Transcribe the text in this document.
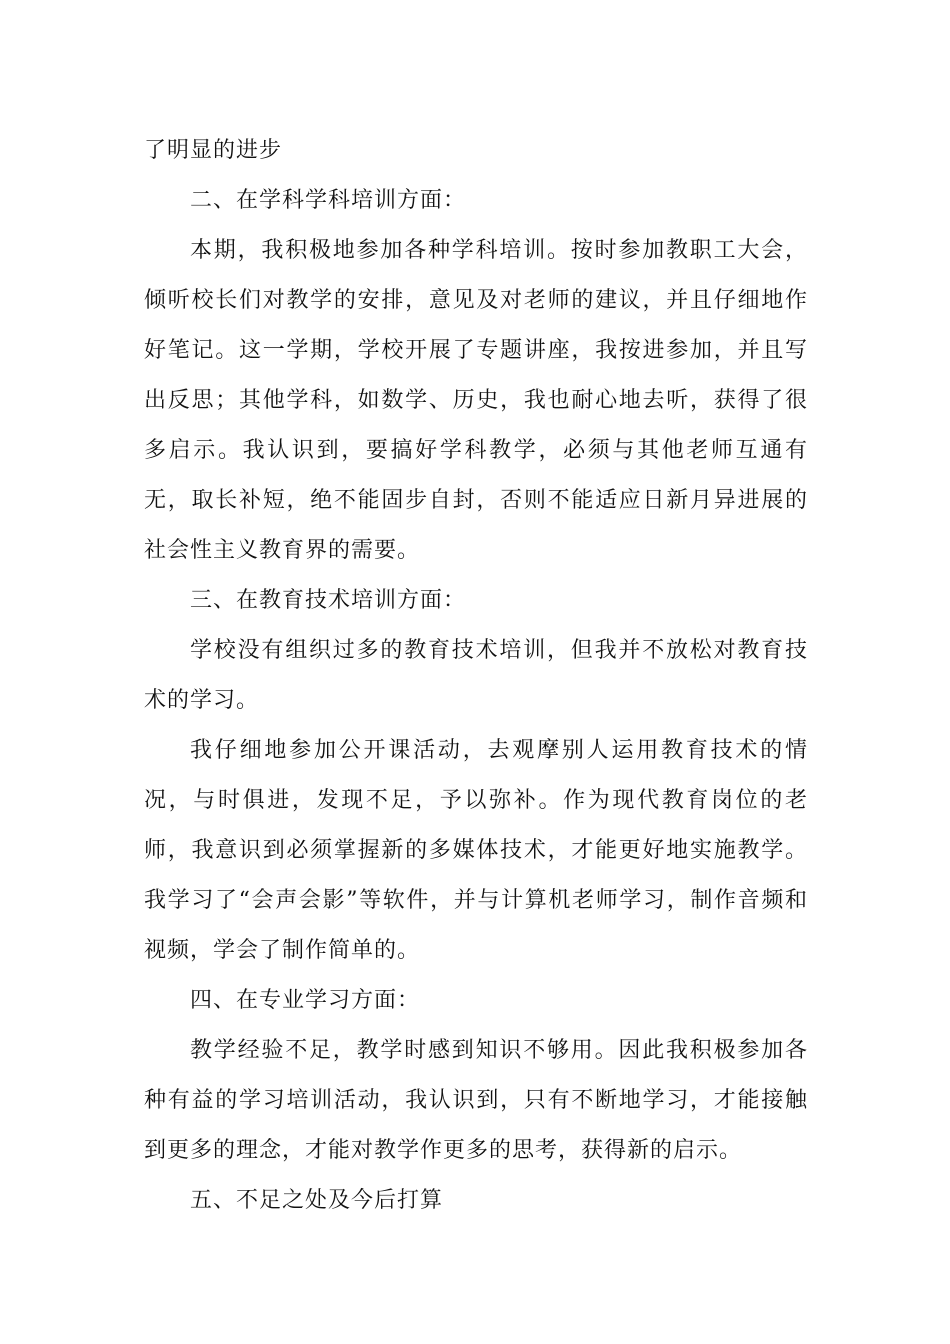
了明显的进步

二、在学科学科培训方面：

本期，我积极地参加各种学科培训。按时参加教职工大会，倾听校长们对教学的安排，意见及对老师的建议，并且仔细地作好笔记。这一学期，学校开展了专题讲座，我按进参加，并且写出反思；其他学科，如数学、历史，我也耐心地去听，获得了很多启示。我认识到，要搞好学科教学，必须与其他老师互通有无，取长补短，绝不能固步自封，否则不能适应日新月异进展的社会性主义教育界的需要。

三、在教育技术培训方面：

学校没有组织过多的教育技术培训，但我并不放松对教育技术的学习。

我仔细地参加公开课活动，去观摩别人运用教育技术的情况，与时俱进，发现不足，予以弥补。作为现代教育岗位的老师，我意识到必须掌握新的多媒体技术，才能更好地实施教学。我学习了“会声会影”等软件，并与计算机老师学习，制作音频和视频，学会了制作简单的。

四、在专业学习方面：

教学经验不足，教学时感到知识不够用。因此我积极参加各种有益的学习培训活动，我认识到，只有不断地学习，才能接触到更多的理念，才能对教学作更多的思考，获得新的启示。

五、不足之处及今后打算
